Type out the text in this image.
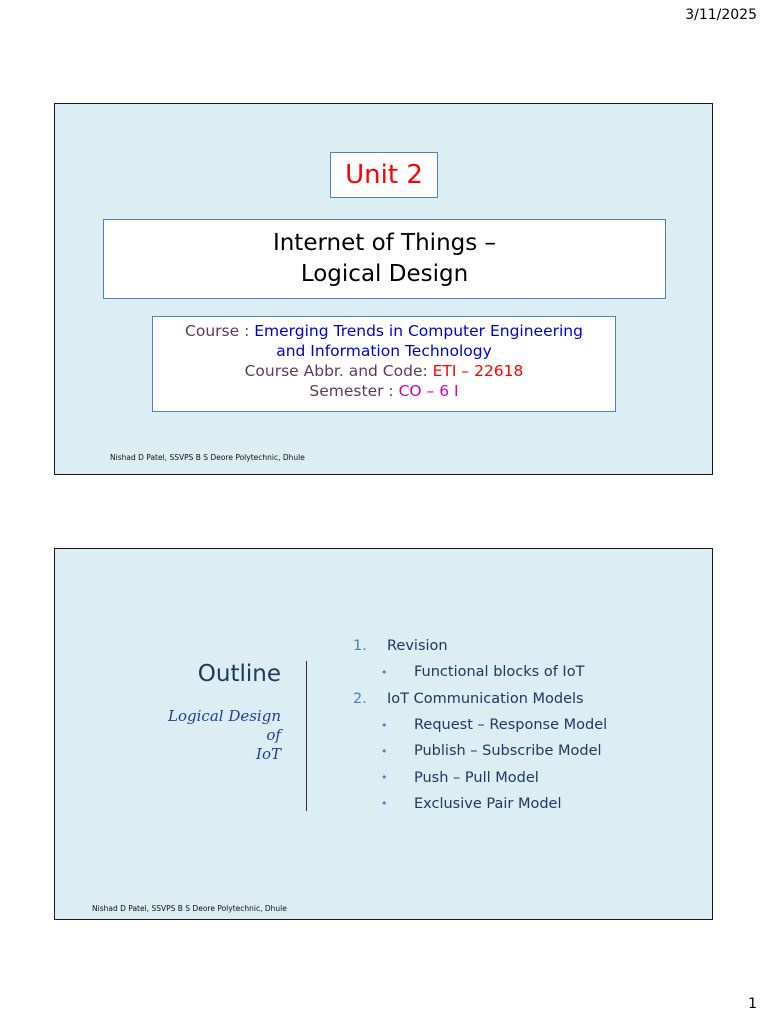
3/11/2025
Unit 2
Internet of Things –
Logical Design
Course : Emerging Trends in Computer Engineering
and Information Technology
Course Abbr. and Code: ETI – 22618
Semester : CO – 6 I
Nishad D Patel, SSVPS B S Deore Polytechnic, Dhule
Outline
Logical Design
of
IoT
1.	Revision
•	Functional blocks of IoT
2.	IoT Communication Models
•	Request – Response Model
•	Publish – Subscribe Model
•	Push – Pull Model
•	Exclusive Pair Model
Nishad D Patel, SSVPS B S Deore Polytechnic, Dhule
1
